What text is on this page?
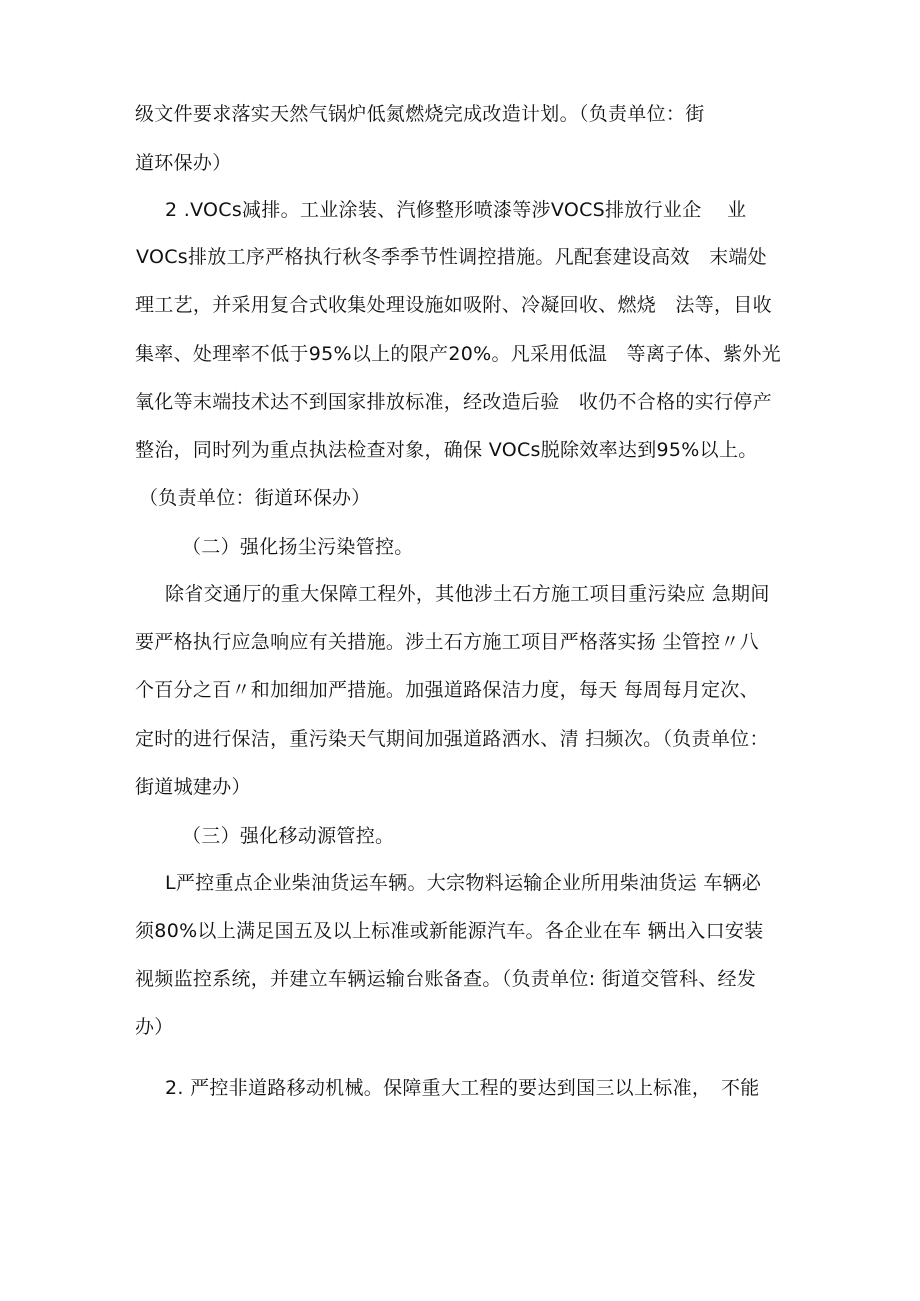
级文件要求落实天然气锅炉低氮燃烧完成改造计划。（负责单位：街
道环保办）
2 .VOCs减排。工业涂装、汽修整形喷漆等涉VOCS排放行业企　 业
VOCs排放工序严格执行秋冬季季节性调控措施。凡配套建设高效　末端处
理工艺，并采用复合式收集处理设施如吸附、冷凝回收、燃烧　法等，目收
集率、处理率不低于95%以上的限产20%。凡采用低温　等离子体、紫外光
氧化等末端技术达不到国家排放标准，经改造后验　收仍不合格的实行停产
整治，同时列为重点执法检查对象，确保 VOCs脱除效率达到95%以上。
（负责单位：街道环保办）
（二）强化扬尘污染管控。
除省交通厅的重大保障工程外，其他涉土石方施工项目重污染应 急期间
要严格执行应急响应有关措施。涉土石方施工项目严格落实扬 尘管控〃八
个百分之百〃和加细加严措施。加强道路保洁力度，每天 每周每月定次、
定时的进行保洁，重污染天气期间加强道路洒水、清 扫频次。（负责单位：
街道城建办）
（三）强化移动源管控。
L严控重点企业柴油货运车辆。大宗物料运输企业所用柴油货运 车辆必
须80%以上满足国五及以上标准或新能源汽车。各企业在车 辆出入口安装
视频监控系统，并建立车辆运输台账备查。（负责单位: 街道交管科、经发
办）
2. 严控非道路移动机械。保障重大工程的要达到国三以上标准，　不能
